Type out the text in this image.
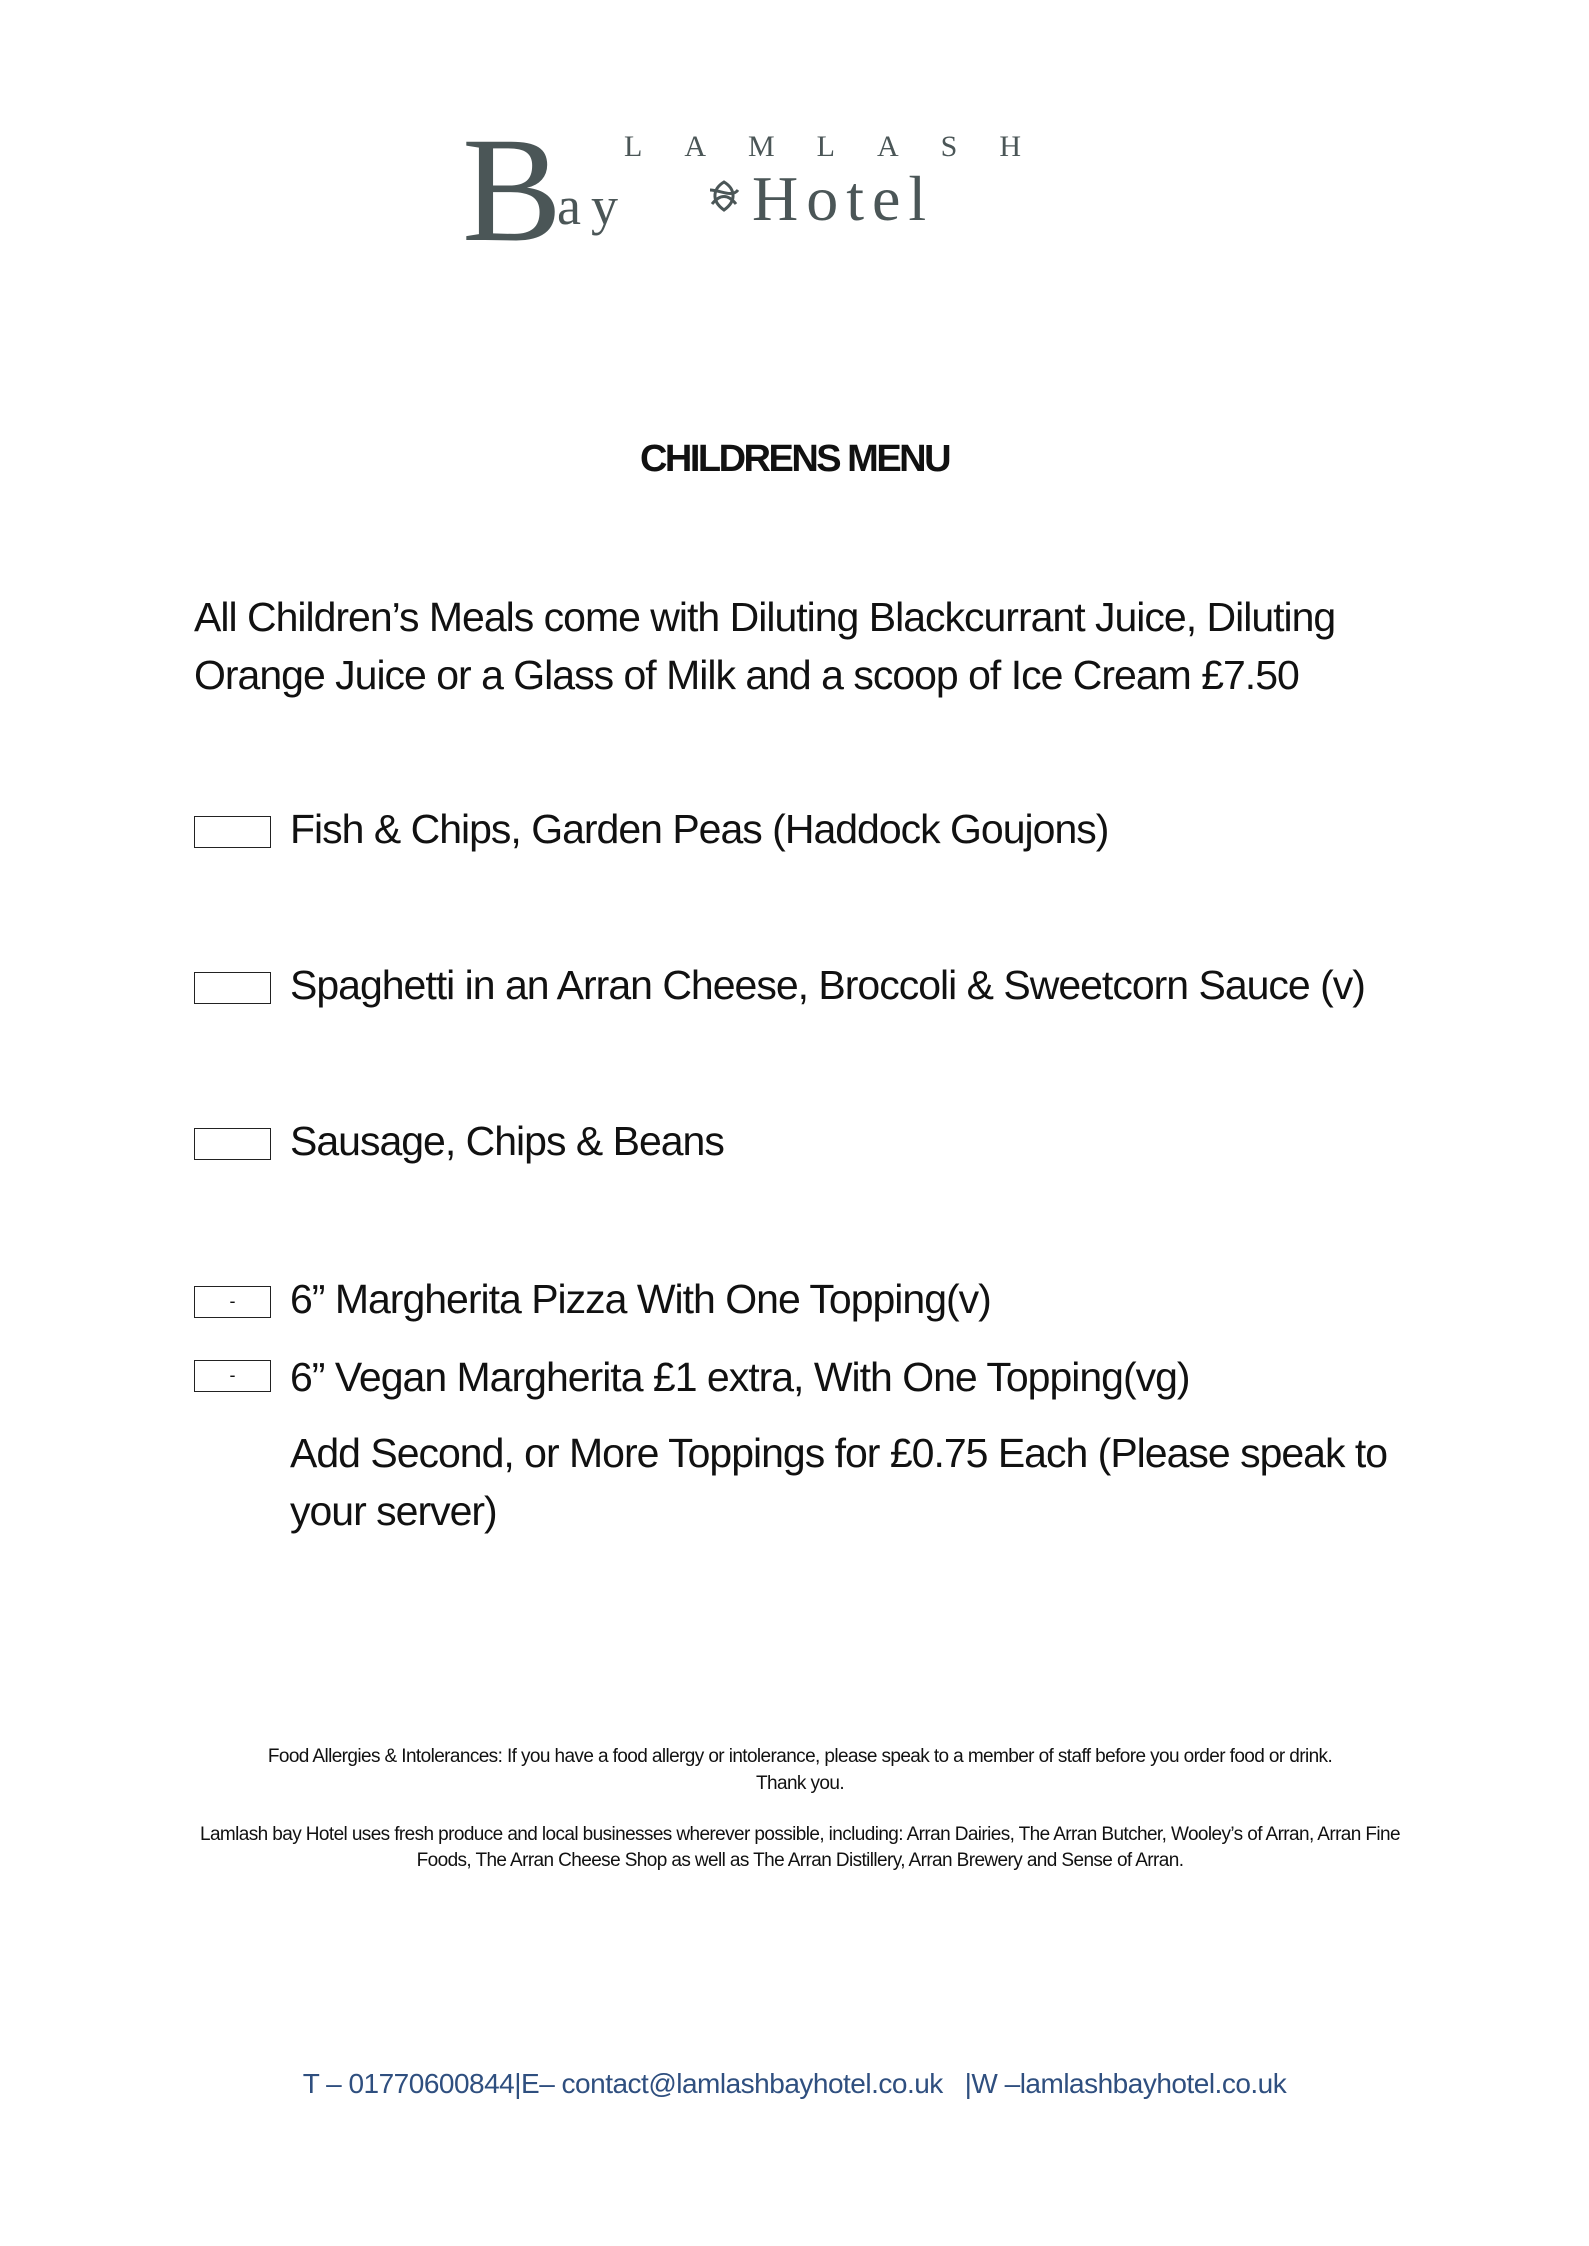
B LAMLASH
ay Hotel
CHILDRENS MENU
All Children’s Meals come with Diluting Blackcurrant Juice, Diluting Orange Juice or a Glass of Milk and a scoop of Ice Cream £7.50
Fish & Chips, Garden Peas (Haddock Goujons)
Spaghetti in an Arran Cheese, Broccoli & Sweetcorn Sauce (v)
Sausage, Chips & Beans
-	6” Margherita Pizza With One Topping(v)
-	6” Vegan Margherita £1 extra, With One Topping(vg)
Add Second, or More Toppings for £0.75 Each (Please speak to your server)
Food Allergies & Intolerances: If you have a food allergy or intolerance, please speak to a member of staff before you order food or drink.
Thank you.
Lamlash bay Hotel uses fresh produce and local businesses wherever possible, including: Arran Dairies, The Arran Butcher, Wooley’s of Arran, Arran Fine Foods, The Arran Cheese Shop as well as The Arran Distillery, Arran Brewery and Sense of Arran.
T – 01770600844|E– contact@lamlashbayhotel.co.uk   |W –lamlashbayhotel.co.uk
